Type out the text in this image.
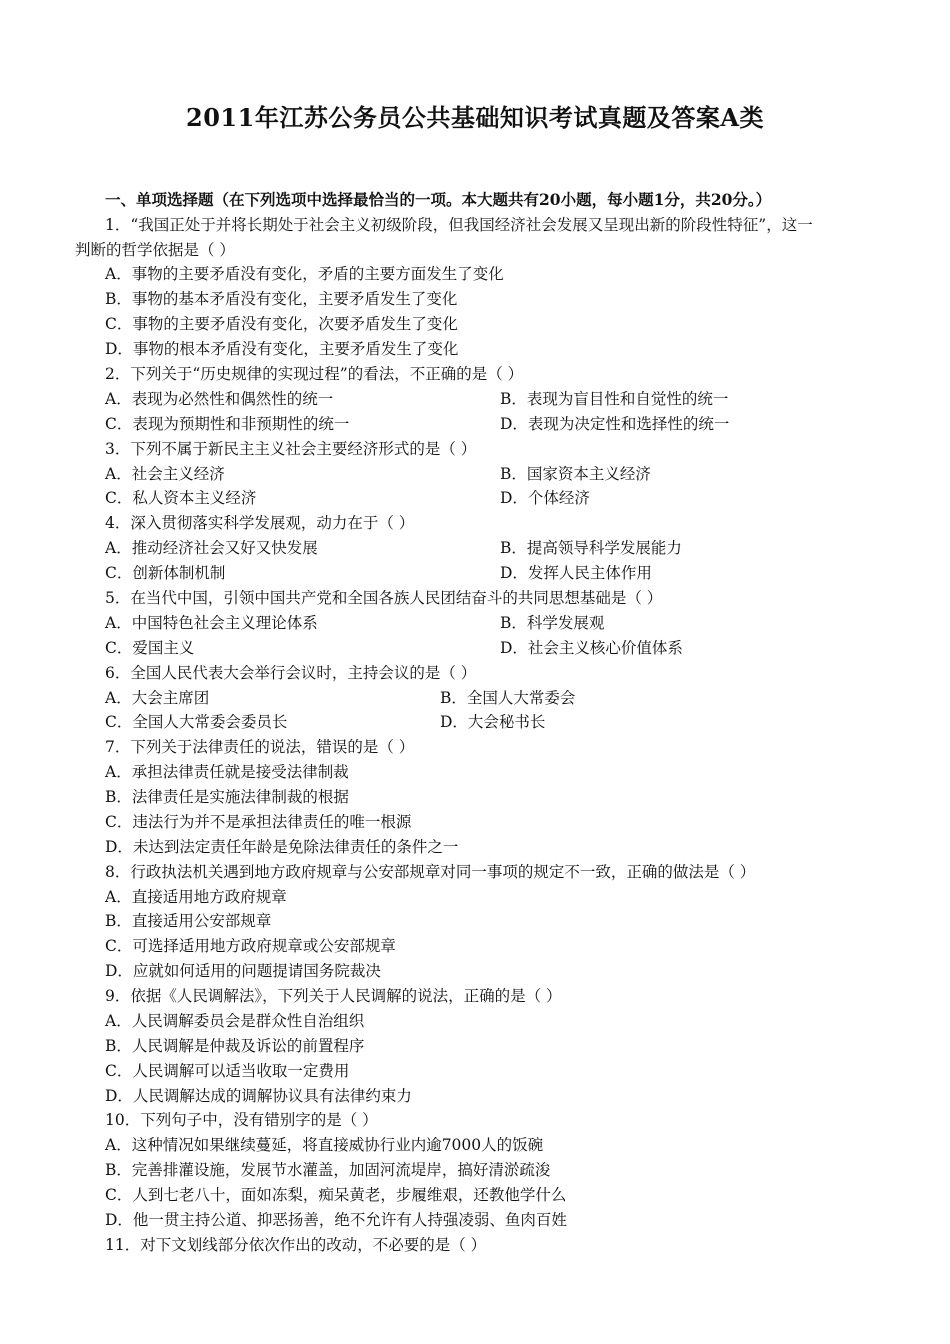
2011年江苏公务员公共基础知识考试真题及答案A类
一、单项选择题（在下列选项中选择最恰当的一项。本大题共有20小题，每小题1分，共20分。）
1．“我国正处于并将长期处于社会主义初级阶段，但我国经济社会发展又呈现出新的阶段性特征”，这一
判断的哲学依据是（ ）
A．事物的主要矛盾没有变化，矛盾的主要方面发生了变化
B．事物的基本矛盾没有变化，主要矛盾发生了变化
C．事物的主要矛盾没有变化，次要矛盾发生了变化
D．事物的根本矛盾没有变化，主要矛盾发生了变化
2．下列关于“历史规律的实现过程”的看法，不正确的是（ ）
A．表现为必然性和偶然性的统一	B．表现为盲目性和自觉性的统一
C．表现为预期性和非预期性的统一	D．表现为决定性和选择性的统一
3．下列不属于新民主主义社会主要经济形式的是（ ）
A．社会主义经济	B．国家资本主义经济
C．私人资本主义经济	D．个体经济
4．深入贯彻落实科学发展观，动力在于（ ）
A．推动经济社会又好又快发展	B．提高领导科学发展能力
C．创新体制机制	D．发挥人民主体作用
5．在当代中国，引领中国共产党和全国各族人民团结奋斗的共同思想基础是（ ）
A．中国特色社会主义理论体系	B．科学发展观
C．爱国主义	D．社会主义核心价值体系
6．全国人民代表大会举行会议时，主持会议的是（ ）
A．大会主席团	B．全国人大常委会
C．全国人大常委会委员长	D．大会秘书长
7．下列关于法律责任的说法，错误的是（ ）
A．承担法律责任就是接受法律制裁
B．法律责任是实施法律制裁的根据
C．违法行为并不是承担法律责任的唯一根源
D．未达到法定责任年龄是免除法律责任的条件之一
8．行政执法机关遇到地方政府规章与公安部规章对同一事项的规定不一致，正确的做法是（ ）
A．直接适用地方政府规章
B．直接适用公安部规章
C．可选择适用地方政府规章或公安部规章
D．应就如何适用的问题提请国务院裁决
9．依据《人民调解法》，下列关于人民调解的说法，正确的是（ ）
A．人民调解委员会是群众性自治组织
B．人民调解是仲裁及诉讼的前置程序
C．人民调解可以适当收取一定费用
D．人民调解达成的调解协议具有法律约束力
10．下列句子中，没有错别字的是（ ）
A．这种情况如果继续蔓延，将直接威协行业内逾7000人的饭碗
B．完善排灌设施，发展节水灌盖，加固河流堤岸，搞好清淤疏浚
C．人到七老八十，面如冻梨，痴呆黄老，步履维艰，还教他学什么
D．他一贯主持公道、抑恶扬善，绝不允许有人持强凌弱、鱼肉百姓
11．对下文划线部分依次作出的改动，不必要的是（ ）
